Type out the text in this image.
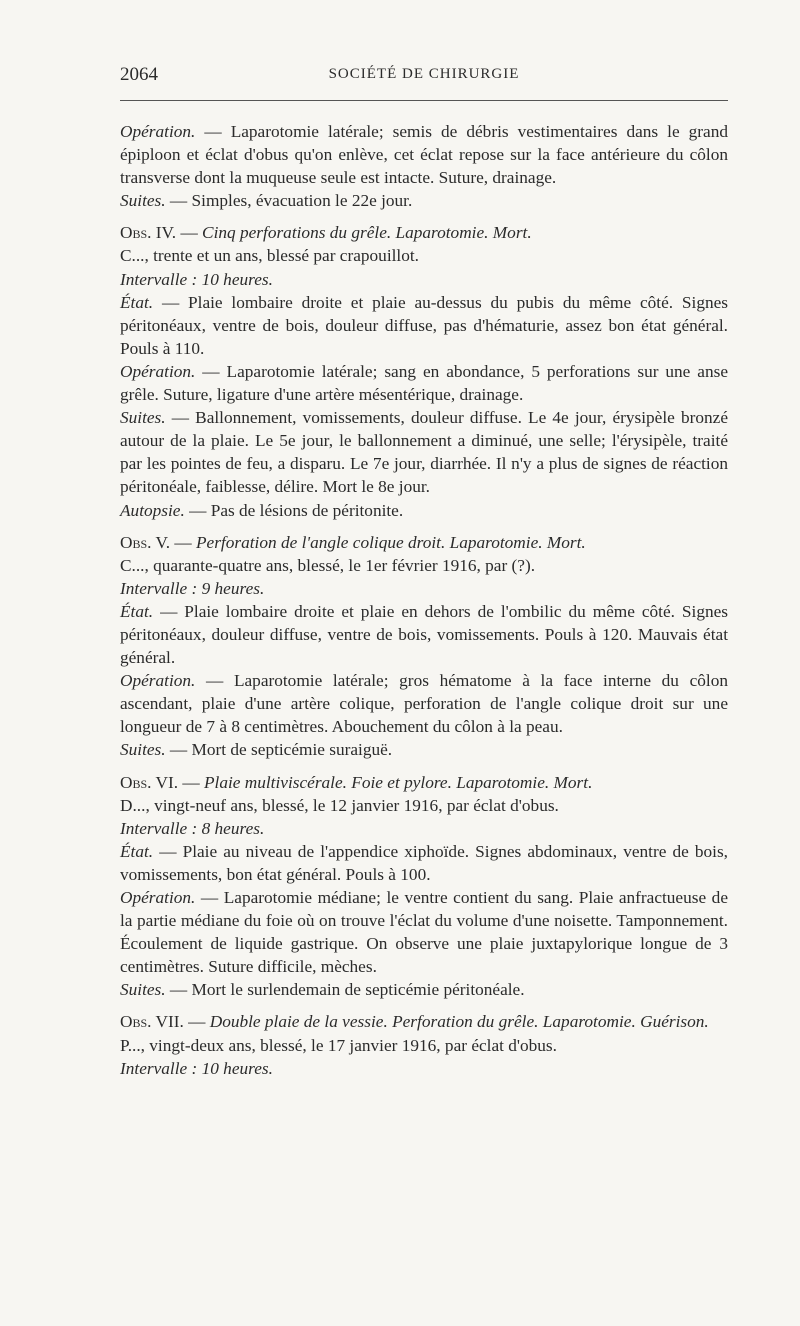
2064	SOCIÉTÉ DE CHIRURGIE

Opération. — Laparotomie latérale; semis de débris vestimentaires dans le grand épiploon et éclat d'obus qu'on enlève, cet éclat repose sur la face antérieure du côlon transverse dont la muqueuse seule est intacte. Suture, drainage.

Suites. — Simples, évacuation le 22e jour.

Obs. IV. — Cinq perforations du grêle. Laparotomie. Mort.

C..., trente et un ans, blessé par crapouillot.

Intervalle : 10 heures.

État. — Plaie lombaire droite et plaie au-dessus du pubis du même côté. Signes péritonéaux, ventre de bois, douleur diffuse, pas d'hématurie, assez bon état général. Pouls à 110.

Opération. — Laparotomie latérale; sang en abondance, 5 perforations sur une anse grêle. Suture, ligature d'une artère mésentérique, drainage.

Suites. — Ballonnement, vomissements, douleur diffuse. Le 4e jour, érysipèle bronzé autour de la plaie. Le 5e jour, le ballonnement a diminué, une selle; l'érysipèle, traité par les pointes de feu, a disparu. Le 7e jour, diarrhée. Il n'y a plus de signes de réaction péritonéale, faiblesse, délire. Mort le 8e jour.

Autopsie. — Pas de lésions de péritonite.

Obs. V. — Perforation de l'angle colique droit. Laparotomie. Mort.

C..., quarante-quatre ans, blessé, le 1er février 1916, par (?).

Intervalle : 9 heures.

État. — Plaie lombaire droite et plaie en dehors de l'ombilic du même côté. Signes péritonéaux, douleur diffuse, ventre de bois, vomissements. Pouls à 120. Mauvais état général.

Opération. — Laparotomie latérale; gros hématome à la face interne du côlon ascendant, plaie d'une artère colique, perforation de l'angle colique droit sur une longueur de 7 à 8 centimètres. Abouchement du côlon à la peau.

Suites. — Mort de septicémie suraiguë.

Obs. VI. — Plaie multiviscérale. Foie et pylore. Laparotomie. Mort.

D..., vingt-neuf ans, blessé, le 12 janvier 1916, par éclat d'obus.

Intervalle : 8 heures.

État. — Plaie au niveau de l'appendice xiphoïde. Signes abdominaux, ventre de bois, vomissements, bon état général. Pouls à 100.

Opération. — Laparotomie médiane; le ventre contient du sang. Plaie anfractueuse de la partie médiane du foie où on trouve l'éclat du volume d'une noisette. Tamponnement. Écoulement de liquide gastrique. On observe une plaie juxtapylorique longue de 3 centimètres. Suture difficile, mèches.

Suites. — Mort le surlendemain de septicémie péritonéale.

Obs. VII. — Double plaie de la vessie. Perforation du grêle. Laparotomie. Guérison.

P..., vingt-deux ans, blessé, le 17 janvier 1916, par éclat d'obus.

Intervalle : 10 heures.
